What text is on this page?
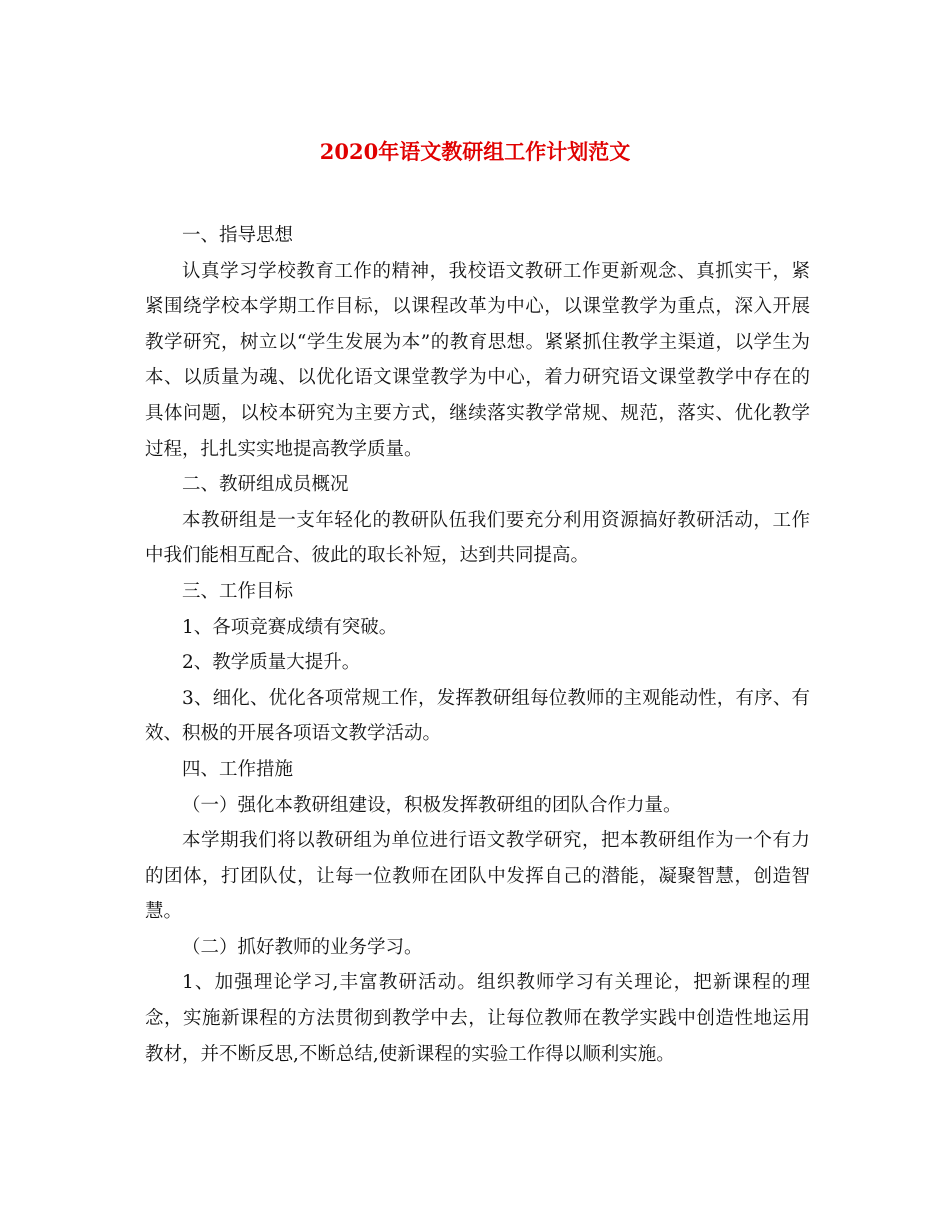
2020年语文教研组工作计划范文

一、指导思想

认真学习学校教育工作的精神，我校语文教研工作更新观念、真抓实干，紧紧围绕学校本学期工作目标，以课程改革为中心，以课堂教学为重点，深入开展教学研究，树立以“学生发展为本”的教育思想。紧紧抓住教学主渠道，以学生为本、以质量为魂、以优化语文课堂教学为中心，着力研究语文课堂教学中存在的具体问题，以校本研究为主要方式，继续落实教学常规、规范，落实、优化教学过程，扎扎实实地提高教学质量。

二、教研组成员概况

本教研组是一支年轻化的教研队伍我们要充分利用资源搞好教研活动，工作中我们能相互配合、彼此的取长补短，达到共同提高。

三、工作目标

1、各项竞赛成绩有突破。

2、教学质量大提升。

3、细化、优化各项常规工作，发挥教研组每位教师的主观能动性，有序、有效、积极的开展各项语文教学活动。

四、工作措施

（一）强化本教研组建设，积极发挥教研组的团队合作力量。

本学期我们将以教研组为单位进行语文教学研究，把本教研组作为一个有力的团体，打团队仗，让每一位教师在团队中发挥自己的潜能，凝聚智慧，创造智慧。

（二）抓好教师的业务学习。

1、加强理论学习,丰富教研活动。组织教师学习有关理论，把新课程的理念，实施新课程的方法贯彻到教学中去，让每位教师在教学实践中创造性地运用教材，并不断反思,不断总结,使新课程的实验工作得以顺利实施。
